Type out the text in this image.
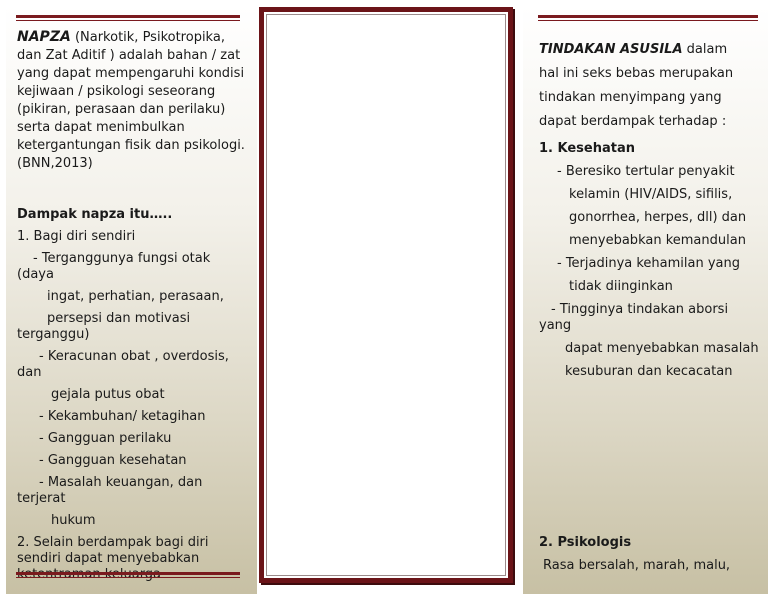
NAPZA (Narkotik, Psikotropika, dan Zat Aditif ) adalah bahan / zat yang dapat mempengaruhi kondisi kejiwaan / psikologi seseorang (pikiran, perasaan dan perilaku) serta dapat menimbulkan ketergantungan fisik dan psikologi. (BNN,2013)

Dampak napza itu…..

1. Bagi diri sendiri

- Terganggunya fungsi otak (daya

ingat, perhatian, perasaan,

persepsi dan motivasi terganggu)

- Keracunan obat , overdosis, dan

gejala putus obat

- Kekambuhan/ ketagihan

- Gangguan perilaku

- Gangguan kesehatan

- Masalah keuangan, dan terjerat

hukum

2. Selain berdampak bagi diri sendiri dapat menyebabkan ketentraman keluarga

TINDAKAN ASUSILA dalam

hal ini seks bebas merupakan

tindakan menyimpang yang

dapat berdampak terhadap :

1. Kesehatan

- Beresiko tertular penyakit

kelamin (HIV/AIDS, sifilis,

gonorrhea, herpes, dll) dan

menyebabkan kemandulan

- Terjadinya kehamilan yang

tidak diinginkan

- Tingginya tindakan aborsi yang

dapat menyebabkan masalah

kesuburan dan kecacatan

2. Psikologis

Rasa bersalah, marah, malu,
